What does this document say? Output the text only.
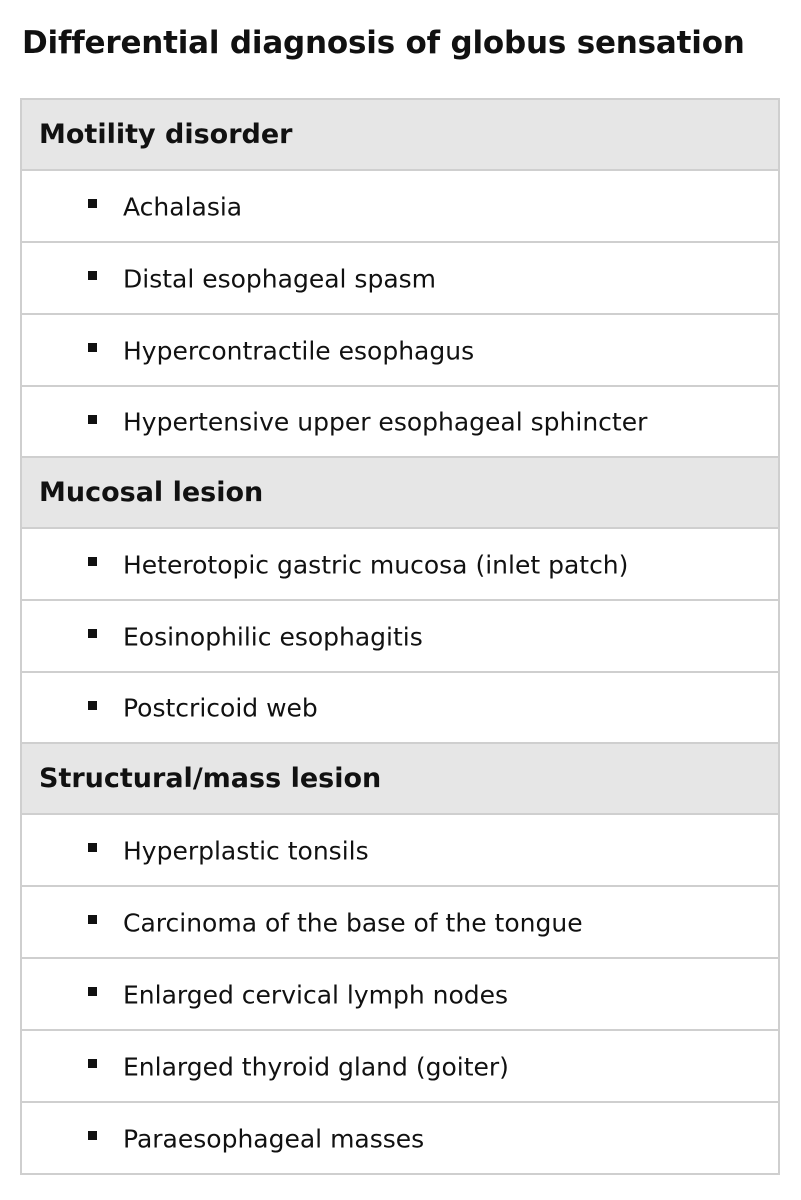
Differential diagnosis of globus sensation
Motility disorder
Achalasia
Distal esophageal spasm
Hypercontractile esophagus
Hypertensive upper esophageal sphincter
Mucosal lesion
Heterotopic gastric mucosa (inlet patch)
Eosinophilic esophagitis
Postcricoid web
Structural/mass lesion
Hyperplastic tonsils
Carcinoma of the base of the tongue
Enlarged cervical lymph nodes
Enlarged thyroid gland (goiter)
Paraesophageal masses
